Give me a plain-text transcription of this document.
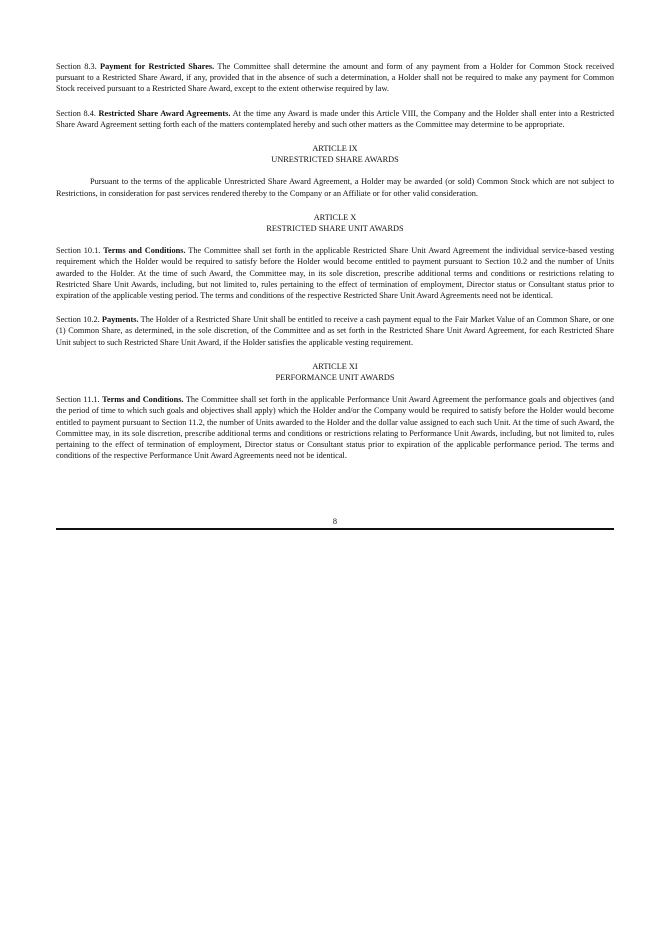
Section 8.3. Payment for Restricted Shares. The Committee shall determine the amount and form of any payment from a Holder for Common Stock received pursuant to a Restricted Share Award, if any, provided that in the absence of such a determination, a Holder shall not be required to make any payment for Common Stock received pursuant to a Restricted Share Award, except to the extent otherwise required by law.

Section 8.4. Restricted Share Award Agreements. At the time any Award is made under this Article VIII, the Company and the Holder shall enter into a Restricted Share Award Agreement setting forth each of the matters contemplated hereby and such other matters as the Committee may determine to be appropriate.

ARTICLE IX

UNRESTRICTED SHARE AWARDS

Pursuant to the terms of the applicable Unrestricted Share Award Agreement, a Holder may be awarded (or sold) Common Stock which are not subject to Restrictions, in consideration for past services rendered thereby to the Company or an Affiliate or for other valid consideration.

ARTICLE X

RESTRICTED SHARE UNIT AWARDS

Section 10.1. Terms and Conditions. The Committee shall set forth in the applicable Restricted Share Unit Award Agreement the individual service-based vesting requirement which the Holder would be required to satisfy before the Holder would become entitled to payment pursuant to Section 10.2 and the number of Units awarded to the Holder. At the time of such Award, the Committee may, in its sole discretion, prescribe additional terms and conditions or restrictions relating to Restricted Share Unit Awards, including, but not limited to, rules pertaining to the effect of termination of employment, Director status or Consultant status prior to expiration of the applicable vesting period. The terms and conditions of the respective Restricted Share Unit Award Agreements need not be identical.

Section 10.2. Payments. The Holder of a Restricted Share Unit shall be entitled to receive a cash payment equal to the Fair Market Value of an Common Share, or one (1) Common Share, as determined, in the sole discretion, of the Committee and as set forth in the Restricted Share Unit Award Agreement, for each Restricted Share Unit subject to such Restricted Share Unit Award, if the Holder satisfies the applicable vesting requirement.

ARTICLE XI

PERFORMANCE UNIT AWARDS

Section 11.1. Terms and Conditions. The Committee shall set forth in the applicable Performance Unit Award Agreement the performance goals and objectives (and the period of time to which such goals and objectives shall apply) which the Holder and/or the Company would be required to satisfy before the Holder would become entitled to payment pursuant to Section 11.2, the number of Units awarded to the Holder and the dollar value assigned to each such Unit. At the time of such Award, the Committee may, in its sole discretion, prescribe additional terms and conditions or restrictions relating to Performance Unit Awards, including, but not limited to, rules pertaining to the effect of termination of employment, Director status or Consultant status prior to expiration of the applicable performance period. The terms and conditions of the respective Performance Unit Award Agreements need not be identical.

8
